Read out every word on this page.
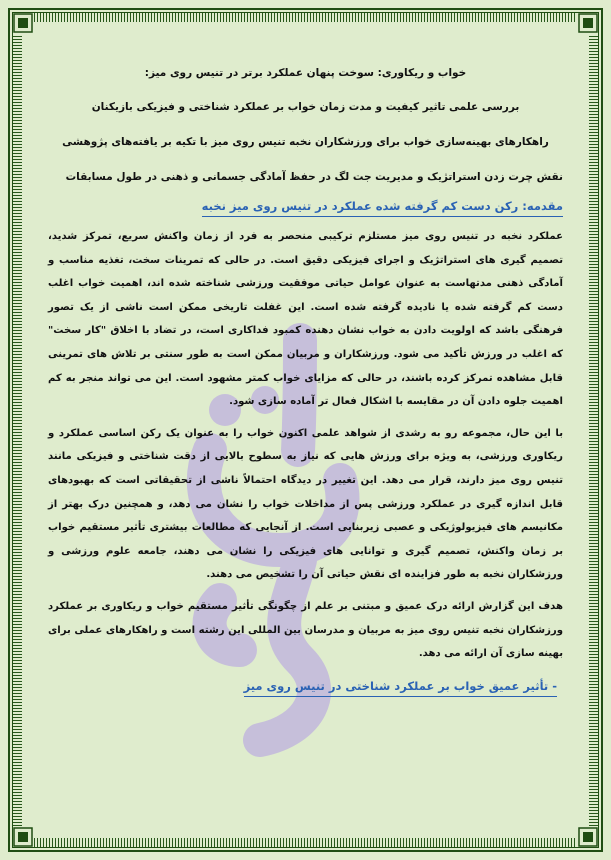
خواب و ریکاوری: سوخت پنهان عملکرد برتر در تنیس روی میز:
بررسی علمی تاثیر کیفیت و مدت زمان خواب بر عملکرد شناختی و فیزیکی بازیکنان
راهکارهای بهینه‌سازی خواب برای ورزشکاران نخبه تنیس روی میز با تکیه بر یافته‌های پژوهشی
نقش چرت زدن استراتژیک و مدیریت جت لگ در حفظ آمادگی جسمانی و ذهنی در طول مسابقات
مقدمه: رکن دست کم گرفته شده عملکرد در تنیس روی میز نخبه

عملکرد نخبه در تنیس روی میز مستلزم ترکیبی منحصر به فرد از زمان واکنش سریع، تمرکز شدید، تصمیم گیری های استراتژیک و اجرای فیزیکی دقیق است. در حالی که تمرینات سخت، تغذیه مناسب و آمادگی ذهنی مدتهاست به عنوان عوامل حیاتی موفقیت ورزشی شناخته شده اند، اهمیت خواب اغلب دست کم گرفته شده یا نادیده گرفته شده است. این غفلت تاریخی ممکن است ناشی از یک تصور فرهنگی باشد که اولویت دادن به خواب نشان دهنده کمبود فداکاری است، در تضاد با اخلاق "کار سخت" که اغلب در ورزش تأکید می شود. ورزشکاران و مربیان ممکن است به طور سنتی بر تلاش های تمرینی قابل مشاهده تمرکز کرده باشند، در حالی که مزایای خواب کمتر مشهود است. این می تواند منجر به کم اهمیت جلوه دادن آن در مقایسه با اشکال فعال تر آماده سازی شود.

با این حال، مجموعه رو به رشدی از شواهد علمی اکنون خواب را به عنوان یک رکن اساسی عملکرد و ریکاوری ورزشی، به ویژه برای ورزش هایی که نیاز به سطوح بالایی از دقت شناختی و فیزیکی مانند تنیس روی میز دارند، قرار می دهد. این تغییر در دیدگاه احتمالاً ناشی از تحقیقاتی است که بهبودهای قابل اندازه گیری در عملکرد ورزشی پس از مداخلات خواب را نشان می دهد، و همچنین درک بهتر از مکانیسم های فیزیولوژیکی و عصبی زیربنایی است. از آنجایی که مطالعات بیشتری تأثیر مستقیم خواب بر زمان واکنش، تصمیم گیری و توانایی های فیزیکی را نشان می دهند، جامعه علوم ورزشی و ورزشکاران نخبه به طور فزاینده ای نقش حیاتی آن را تشخیص می دهند.

هدف این گزارش ارائه درک عمیق و مبتنی بر علم از چگونگی تأثیر مستقیم خواب و ریکاوری بر عملکرد ورزشکاران نخبه تنیس روی میز به مربیان و مدرسان بین المللی این رشته است و راهکارهای عملی برای بهینه سازی آن ارائه می دهد.

- تأثیر عمیق خواب بر عملکرد شناختی در تنیس روی میز
